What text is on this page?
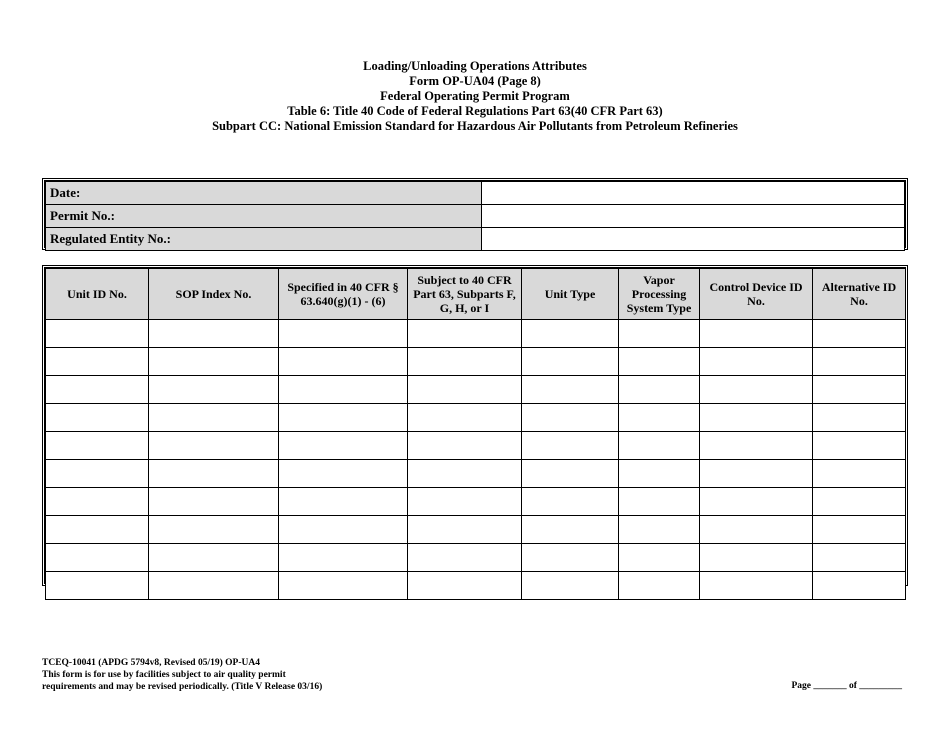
Loading/Unloading Operations Attributes
Form OP-UA04 (Page 8)
Federal Operating Permit Program
Table 6: Title 40 Code of Federal Regulations Part 63(40 CFR Part 63)
Subpart CC: National Emission Standard for Hazardous Air Pollutants from Petroleum Refineries
Date:	
Permit No.:	
Regulated Entity No.:	
Unit ID No.	SOP Index No.	Specified in 40 CFR § 63.640(g)(1) - (6)	Subject to 40 CFR Part 63, Subparts F, G, H, or I	Unit Type	Vapor Processing System Type	Control Device ID No.	Alternative ID No.

TCEQ-10041 (APDG 5794v8, Revised 05/19) OP-UA4
This form is for use by facilities subject to air quality permit
requirements and may be revised periodically. (Title V Release 03/16)	Page _______ of _________
